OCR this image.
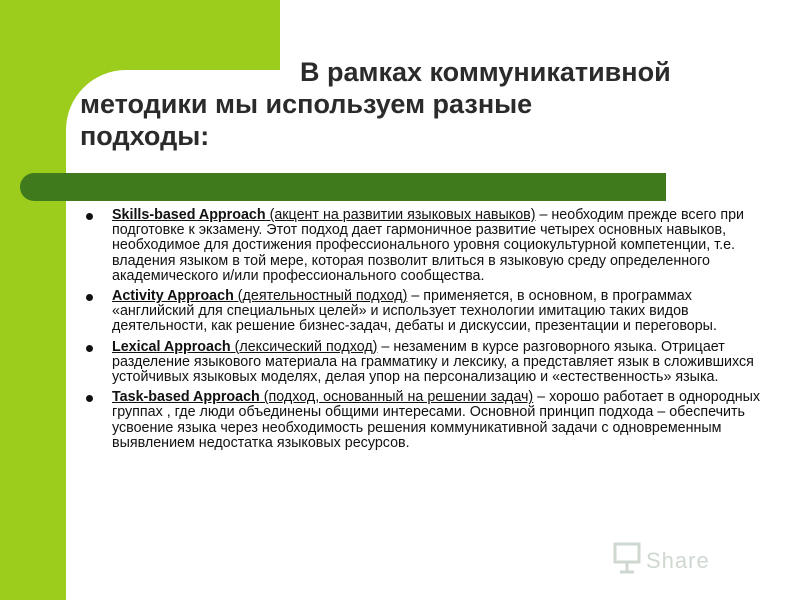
В рамках коммуникативной
методики мы используем разные
подходы:
Skills-based Approach (акцент на развитии языковых навыков) – необходим прежде всего при подготовке к экзамену. Этот подход дает гармоничное развитие четырех основных навыков, необходимое для достижения профессионального уровня социокультурной компетенции, т.е. владения языком в той мере, которая позволит влиться в языковую среду определенного академического и/или профессионального сообщества.
Activity Approach (деятельностный подход) – применяется, в основном, в программах «английский для специальных целей» и использует технологии имитацию таких видов деятельности, как решение бизнес-задач, дебаты и дискуссии, презентации и переговоры.
Lexical Approach (лексический подход) – незаменим в курсе разговорного языка. Отрицает разделение языкового материала на грамматику и лексику, а представляет язык в сложившихся устойчивых языковых моделях, делая упор на персонализацию и «естественность» языка.
Task-based Approach (подход, основанный на решении задач) – хорошо работает в однородных группах , где люди объединены общими интересами. Основной принцип подхода – обеспечить усвоение языка через необходимость решения коммуникативной задачи с одновременным выявлением недостатка языковых ресурсов.
Share
